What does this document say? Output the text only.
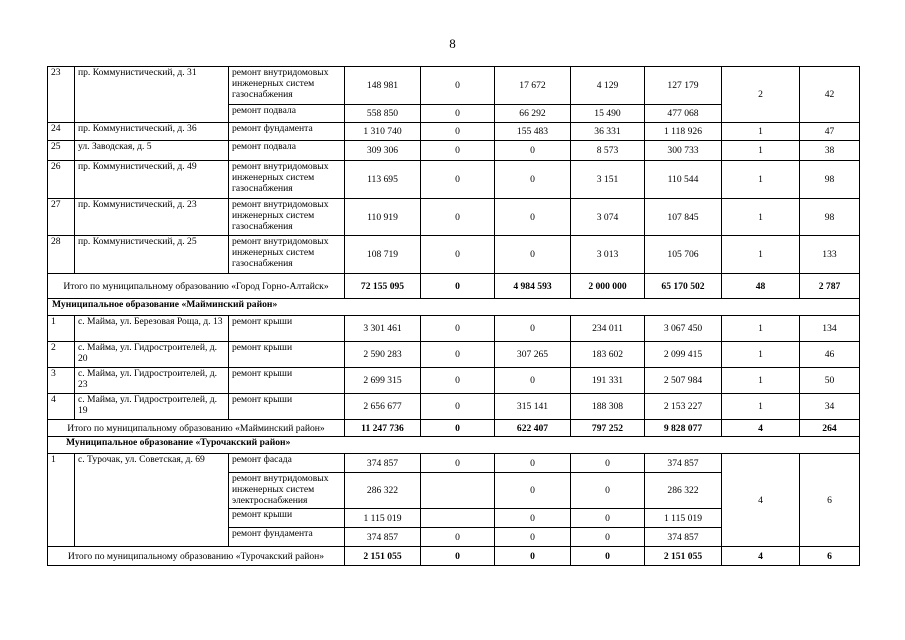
8
23	пр. Коммунистический, д. 31	ремонт внутридомовых инженерных систем газоснабжения	148 981	0	17 672	4 129	127 179	2	42
		ремонт подвала	558 850	0	66 292	15 490	477 068		
24	пр. Коммунистический, д. 36	ремонт фундамента	1 310 740	0	155 483	36 331	1 118 926	1	47
25	ул. Заводская, д. 5	ремонт подвала	309 306	0	0	8 573	300 733	1	38
26	пр. Коммунистический, д. 49	ремонт внутридомовых инженерных систем газоснабжения	113 695	0	0	3 151	110 544	1	98
27	пр. Коммунистический, д. 23	ремонт внутридомовых инженерных систем газоснабжения	110 919	0	0	3 074	107 845	1	98
28	пр. Коммунистический, д. 25	ремонт внутридомовых инженерных систем газоснабжения	108 719	0	0	3 013	105 706	1	133
Итого по муниципальному образованию «Город Горно-Алтайск»			72 155 095	0	4 984 593	2 000 000	65 170 502	48	2 787
Муниципальное образование «Майминский район»									
1	с. Майма, ул. Березовая Роща, д. 13	ремонт крыши	3 301 461	0	0	234 011	3 067 450	1	134
2	с. Майма, ул. Гидростроителей, д. 20	ремонт крыши	2 590 283	0	307 265	183 602	2 099 415	1	46
3	с. Майма, ул. Гидростроителей, д. 23	ремонт крыши	2 699 315	0	0	191 331	2 507 984	1	50
4	с. Майма, ул. Гидростроителей, д. 19	ремонт крыши	2 656 677	0	315 141	188 308	2 153 227	1	34
Итого по муниципальному образованию «Майминский район»			11 247 736	0	622 407	797 252	9 828 077	4	264
Муниципальное образование «Турочакский район»									
1	с. Турочак, ул. Советская, д. 69	ремонт фасада	374 857	0	0	0	374 857	4	6
		ремонт внутридомовых инженерных систем электроснабжения	286 322		0	0	286 322		
		ремонт крыши	1 115 019		0	0	1 115 019		
		ремонт фундамента	374 857	0	0	0	374 857		
Итого по муниципальному образованию «Турочакский район»			2 151 055	0	0	0	2 151 055	4	6
